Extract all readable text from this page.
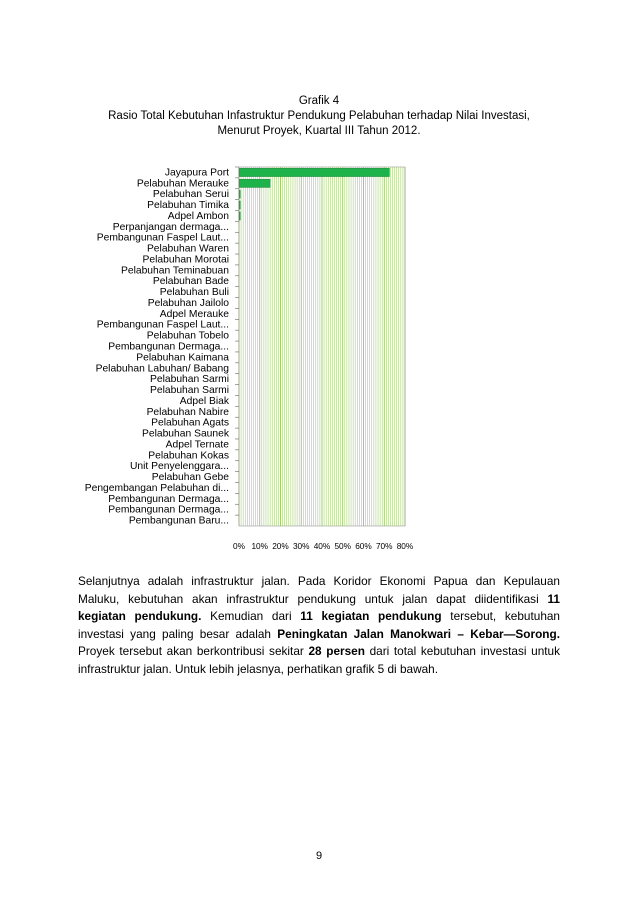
Grafik 4
Rasio Total Kebutuhan Infastruktur Pendukung Pelabuhan terhadap Nilai Investasi,
Menurut Proyek, Kuartal III Tahun 2012.
Jayapura Port
Pelabuhan Merauke
Pelabuhan Serui
Pelabuhan Timika
Adpel Ambon
Perpanjangan dermaga...
Pembangunan Faspel Laut...
Pelabuhan Waren
Pelabuhan Morotai
Pelabuhan Teminabuan
Pelabuhan Bade
Pelabuhan Buli
Pelabuhan Jailolo
Adpel Merauke
Pembangunan Faspel Laut...
Pelabuhan Tobelo
Pembangunan Dermaga...
Pelabuhan Kaimana
Pelabuhan Labuhan/ Babang
Pelabuhan Sarmi
Pelabuhan Sarmi
Adpel Biak
Pelabuhan Nabire
Pelabuhan Agats
Pelabuhan Saunek
Adpel Ternate
Pelabuhan Kokas
Unit Penyelenggara...
Pelabuhan Gebe
Pengembangan Pelabuhan di...
Pembangunan Dermaga...
Pembangunan Dermaga...
Pembangunan Baru...
0% 10% 20% 30% 40% 50% 60% 70% 80%
Selanjutnya adalah infrastruktur jalan. Pada Koridor Ekonomi Papua dan Kepulauan Maluku, kebutuhan akan infrastruktur pendukung untuk jalan dapat diidentifikasi 11 kegiatan pendukung. Kemudian dari 11 kegiatan pendukung tersebut, kebutuhan investasi yang paling besar adalah Peningkatan Jalan Manokwari – Kebar—Sorong. Proyek tersebut akan berkontribusi sekitar 28 persen dari total kebutuhan investasi untuk infrastruktur jalan. Untuk lebih jelasnya, perhatikan grafik 5 di bawah.
9
